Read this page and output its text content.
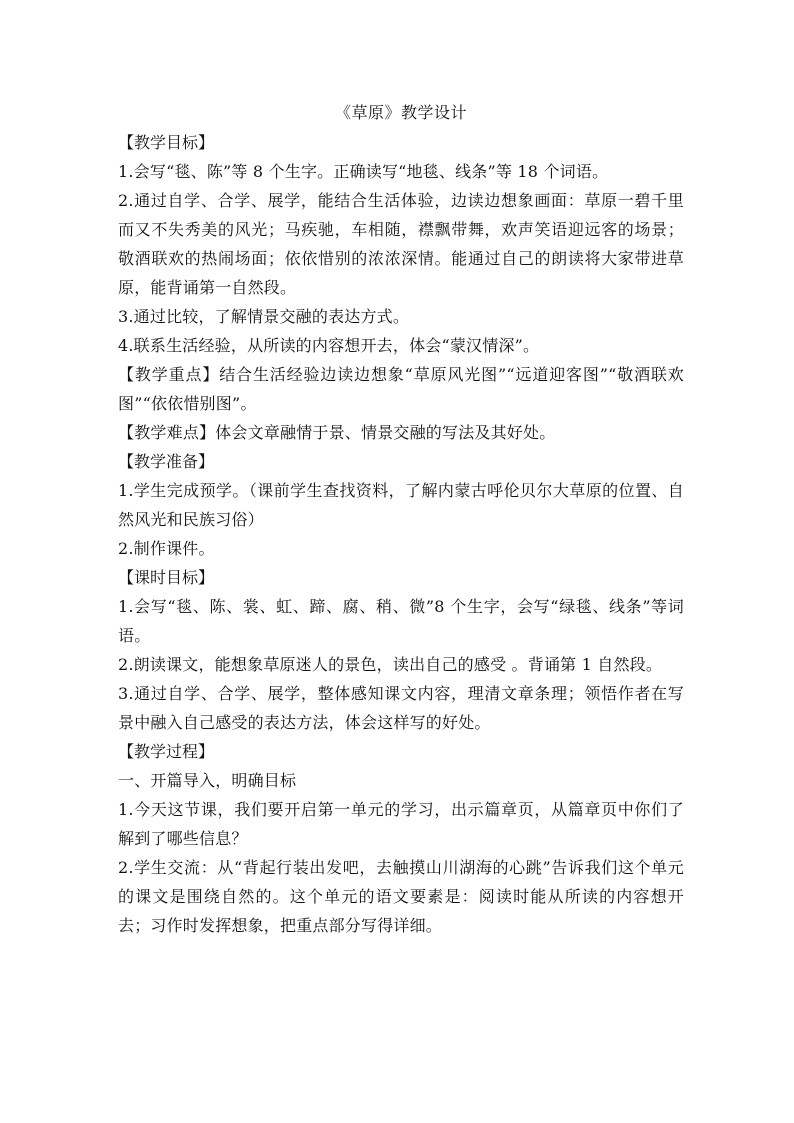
《草原》教学设计

【教学目标】

1.会写“毯、陈”等 8 个生字。正确读写“地毯、线条”等 18 个词语。

2.通过自学、合学、展学，能结合生活体验，边读边想象画面：草原一碧千里而又不失秀美的风光；马疾驰，车相随，襟飘带舞，欢声笑语迎远客的场景；敬酒联欢的热闹场面；依依惜别的浓浓深情。能通过自己的朗读将大家带进草原，能背诵第一自然段。

3.通过比较，了解情景交融的表达方式。

4.联系生活经验，从所读的内容想开去，体会“蒙汉情深”。

【教学重点】结合生活经验边读边想象“草原风光图”“远道迎客图”“敬酒联欢图”“依依惜别图”。

【教学难点】体会文章融情于景、情景交融的写法及其好处。

【教学准备】

1.学生完成预学。（课前学生查找资料，了解内蒙古呼伦贝尔大草原的位置、自然风光和民族习俗）

2.制作课件。

【课时目标】

1.会写“毯、陈、裳、虹、蹄、腐、稍、微”8 个生字，会写“绿毯、线条”等词语。

2.朗读课文，能想象草原迷人的景色，读出自己的感受 。背诵第 1 自然段。

3.通过自学、合学、展学，整体感知课文内容，理清文章条理；领悟作者在写景中融入自己感受的表达方法，体会这样写的好处。

【教学过程】

一、开篇导入，明确目标

1.今天这节课，我们要开启第一单元的学习，出示篇章页，从篇章页中你们了解到了哪些信息？

2.学生交流：从“背起行装出发吧，去触摸山川湖海的心跳”告诉我们这个单元的课文是围绕自然的。这个单元的语文要素是：阅读时能从所读的内容想开去；习作时发挥想象，把重点部分写得详细。
